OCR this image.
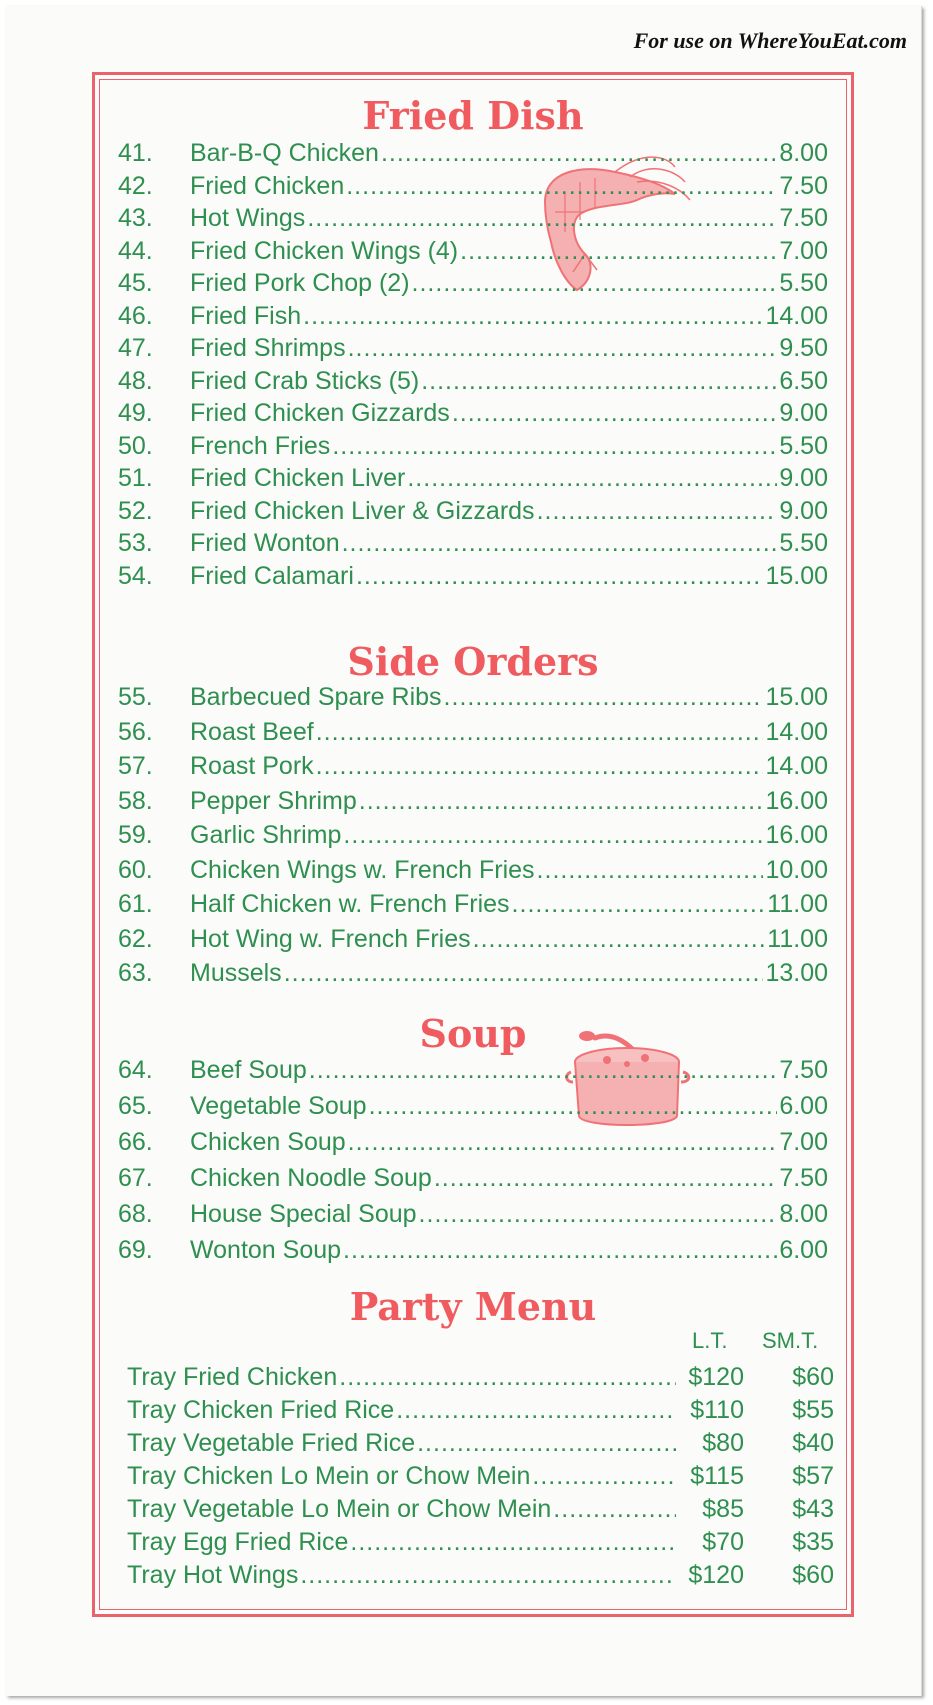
For use on WhereYouEat.com
Fried Dish
41.	Bar-B-Q Chicken .....	8.00
42.	Fried Chicken .....	7.50
43.	Hot Wings .....	7.50
44.	Fried Chicken Wings (4) .....	7.00
45.	Fried Pork Chop (2) .....	5.50
46.	Fried Fish .....	14.00
47.	Fried Shrimps .....	9.50
48.	Fried Crab Sticks (5) .....	6.50
49.	Fried Chicken Gizzards .....	9.00
50.	French Fries .....	5.50
51.	Fried Chicken Liver .....	9.00
52.	Fried Chicken Liver & Gizzards .....	9.00
53.	Fried Wonton .....	5.50
54.	Fried Calamari .....	15.00
Side Orders
55.	Barbecued Spare Ribs .....	15.00
56.	Roast Beef .....	14.00
57.	Roast Pork .....	14.00
58.	Pepper Shrimp .....	16.00
59.	Garlic Shrimp .....	16.00
60.	Chicken Wings w. French Fries .....	10.00
61.	Half Chicken w. French Fries .....	11.00
62.	Hot Wing w. French Fries .....	11.00
63.	Mussels .....	13.00
Soup
64.	Beef Soup .....	7.50
65.	Vegetable Soup .....	6.00
66.	Chicken Soup .....	7.00
67.	Chicken Noodle Soup .....	7.50
68.	House Special Soup .....	8.00
69.	Wonton Soup .....	6.00
Party Menu
L.T. SM.T.
Tray Fried Chicken .....	$120	$60
Tray Chicken Fried Rice .....	$110	$55
Tray Vegetable Fried Rice .....	$80	$40
Tray Chicken Lo Mein or Chow Mein .....	$115	$57
Tray Vegetable Lo Mein or Chow Mein .....	$85	$43
Tray Egg Fried Rice .....	$70	$35
Tray Hot Wings .....	$120	$60
